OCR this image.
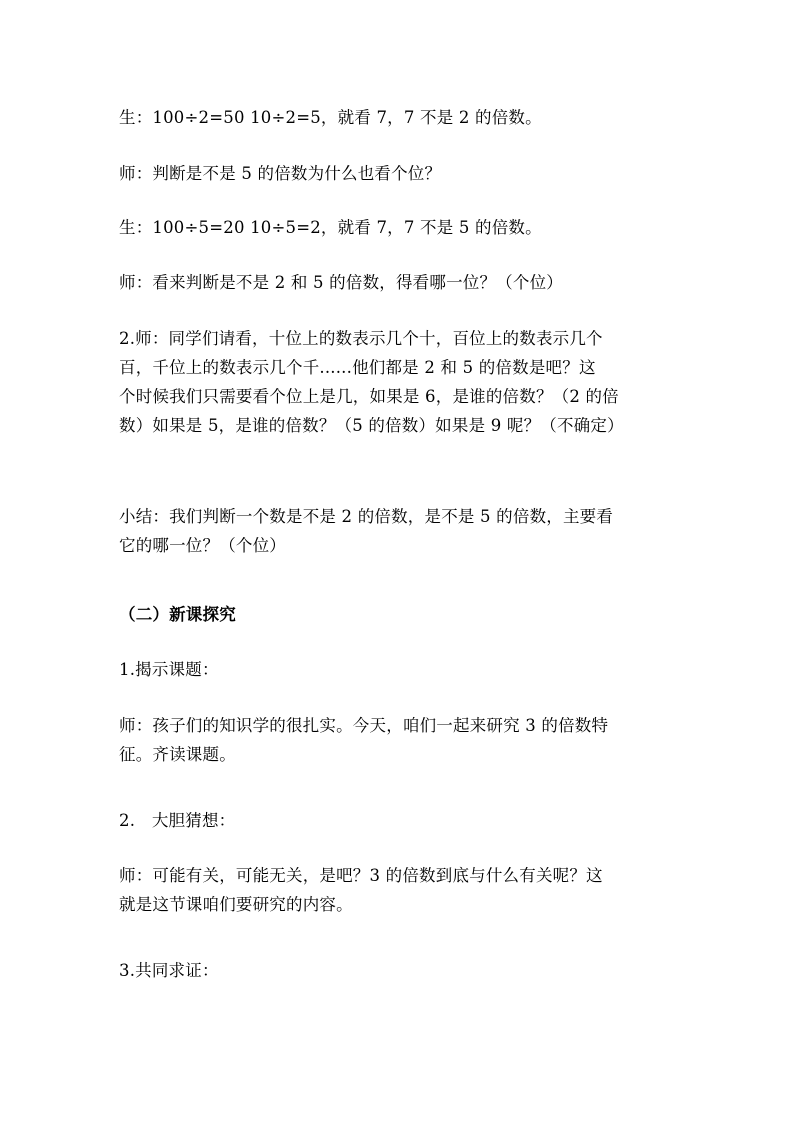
生：100÷2=50 10÷2=5，就看 7，7 不是 2 的倍数。

师：判断是不是 5 的倍数为什么也看个位？

生：100÷5=20 10÷5=2，就看 7，7 不是 5 的倍数。

师：看来判断是不是 2 和 5 的倍数，得看哪一位？（个位）

2.师：同学们请看，十位上的数表示几个十，百位上的数表示几个
百，千位上的数表示几个千......他们都是 2 和 5 的倍数是吧？这
个时候我们只需要看个位上是几，如果是 6，是谁的倍数？（2 的倍
数）如果是 5，是谁的倍数？（5 的倍数）如果是 9 呢？（不确定）

小结：我们判断一个数是不是 2 的倍数，是不是 5 的倍数，主要看
它的哪一位？（个位）

（二）新课探究

1.揭示课题：

师：孩子们的知识学的很扎实。今天，咱们一起来研究 3 的倍数特
征。齐读课题。

2.　大胆猜想：

师：可能有关，可能无关，是吧？3 的倍数到底与什么有关呢？这
就是这节课咱们要研究的内容。

3.共同求证：
